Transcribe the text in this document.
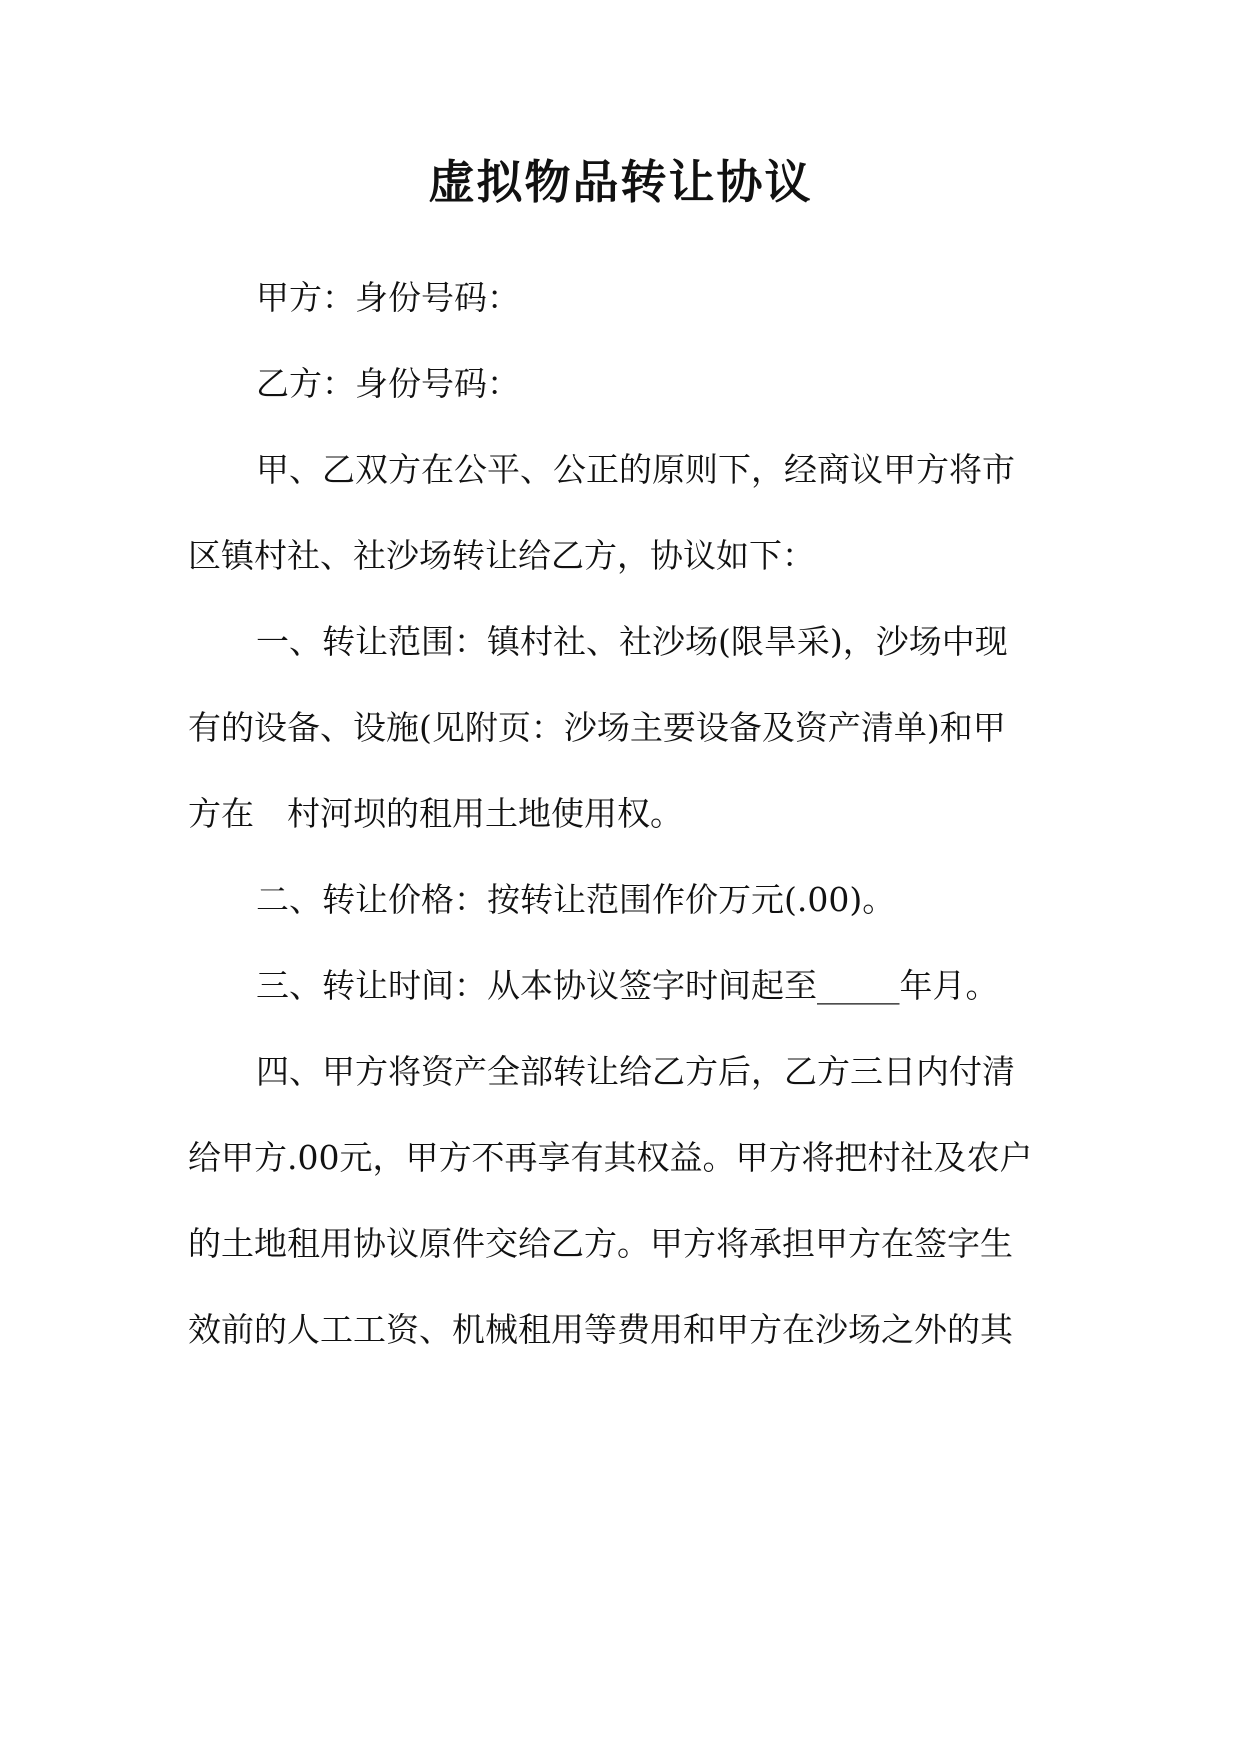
虚拟物品转让协议
甲方：身份号码：
乙方：身份号码：
甲、乙双方在公平、公正的原则下，经商议甲方将市
区镇村社、社沙场转让给乙方，协议如下：
一、转让范围：镇村社、社沙场(限旱采)，沙场中现
有的设备、设施(见附页：沙场主要设备及资产清单)和甲
方在　村河坝的租用土地使用权。
二、转让价格：按转让范围作价万元(.00)。
三、转让时间：从本协议签字时间起至_____年月。
四、甲方将资产全部转让给乙方后，乙方三日内付清
给甲方.00元，甲方不再享有其权益。甲方将把村社及农户
的土地租用协议原件交给乙方。甲方将承担甲方在签字生
效前的人工工资、机械租用等费用和甲方在沙场之外的其
